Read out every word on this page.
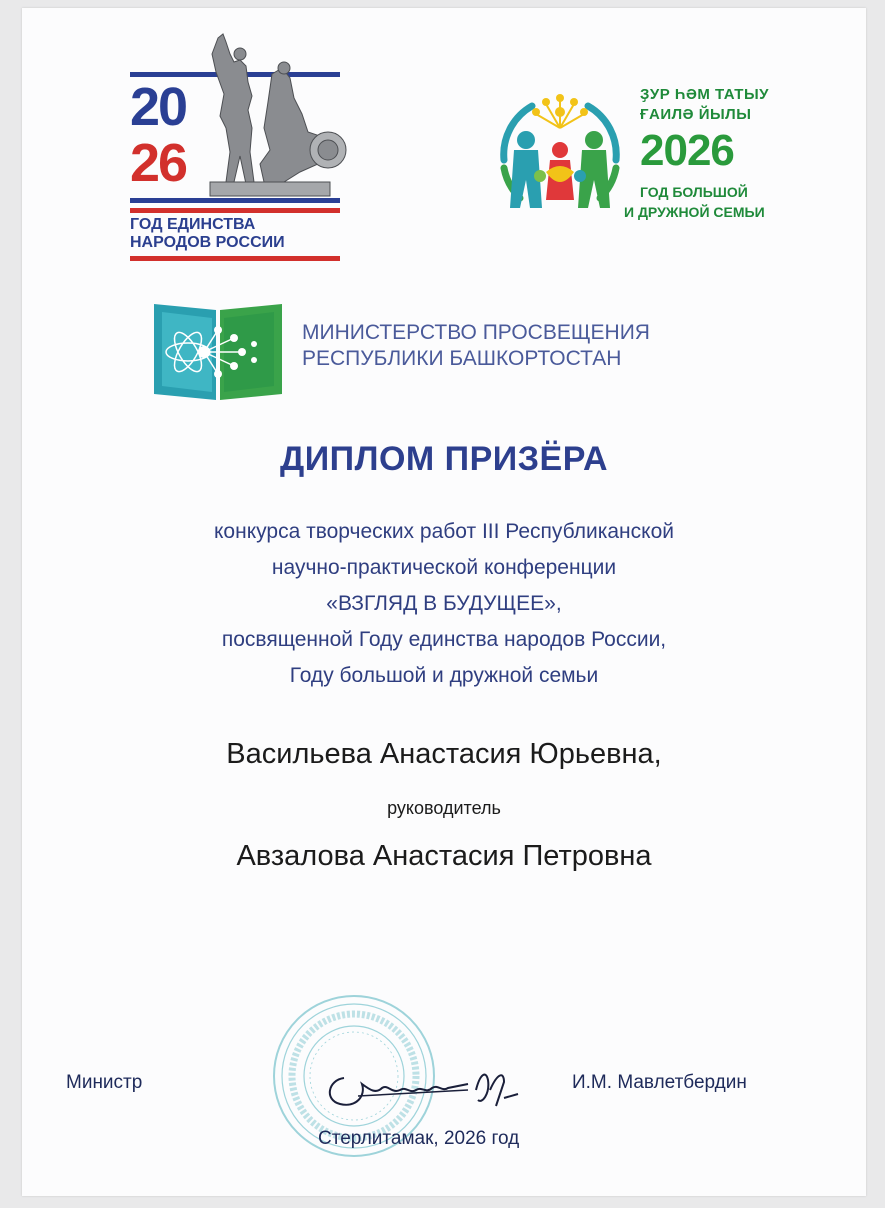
20
26
ГОД ЕДИНСТВА
НАРОДОВ РОССИИ
ҘУР ҺӘМ ТАТЫУ
ҒАИЛӘ ЙЫЛЫ
2026
ГОД БОЛЬШОЙ
И ДРУЖНОЙ СЕМЬИ
МИНИСТЕРСТВО ПРОСВЕЩЕНИЯ
РЕСПУБЛИКИ БАШКОРТОСТАН
ДИПЛОМ ПРИЗЁРА
конкурса творческих работ III Республиканской
научно-практической конференции
«ВЗГЛЯД В БУДУЩЕЕ»,
посвященной Году единства народов России,
Году большой и дружной семьи
Васильева Анастасия Юрьевна,
руководитель
Авзалова Анастасия Петровна
Министр	И.М. Мавлетбердин
Стерлитамак, 2026 год
